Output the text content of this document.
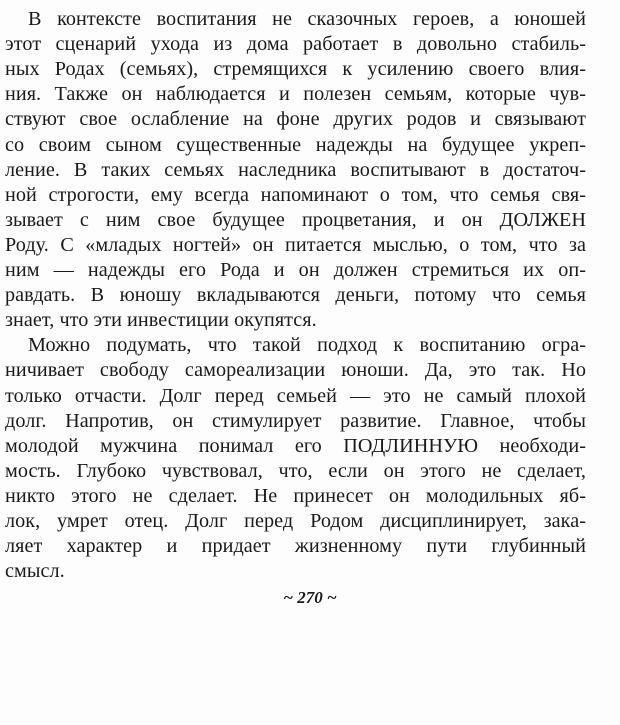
В контексте воспитания не сказочных героев, а юношей
этот сценарий ухода из дома работает в довольно стабиль-
ных Родах (семьях), стремящихся к усилению своего влия-
ния. Также он наблюдается и полезен семьям, которые чув-
ствуют свое ослабление на фоне других родов и связывают
со своим сыном существенные надежды на будущее укреп-
ление. В таких семьях наследника воспитывают в достаточ-
ной строгости, ему всегда напоминают о том, что семья свя-
зывает с ним свое будущее процветания, и он ДОЛЖЕН
Роду. С «младых ногтей» он питается мыслью, о том, что за
ним — надежды его Рода и он должен стремиться их оп-
равдать. В юношу вкладываются деньги, потому что семья
знает, что эти инвестиции окупятся.
Можно подумать, что такой подход к воспитанию огра-
ничивает свободу самореализации юноши. Да, это так. Но
только отчасти. Долг перед семьей — это не самый плохой
долг. Напротив, он стимулирует развитие. Главное, чтобы
молодой мужчина понимал его ПОДЛИННУЮ необходи-
мость. Глубоко чувствовал, что, если он этого не сделает,
никто этого не сделает. Не принесет он молодильных яб-
лок, умрет отец. Долг перед Родом дисциплинирует, зака-
ляет характер и придает жизненному пути глубинный
смысл.
~ 270 ~
